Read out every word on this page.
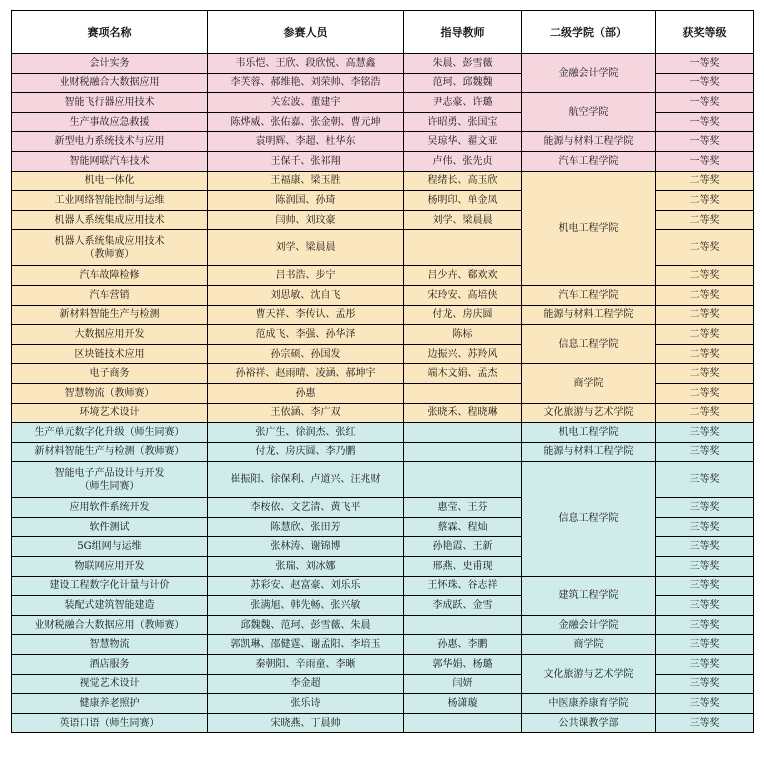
赛项名称	参赛人员	指导教师	二级学院（部）	获奖等级
会计实务	韦乐恺、王欣、段欣悦、高慧鑫	朱晨、彭雪薇	金融会计学院	一等奖
业财税融合大数据应用	李芙蓉、郝维艳、刘荣帅、李铭浩	范珂、邱魏魏		一等奖
智能飞行器应用技术	关宏波、董建宇	尹志豪、许璐	航空学院	一等奖
生产事故应急救援	陈烨威、张佑嘉、张金朝、曹元坤	许昭勇、张国宝		一等奖
新型电力系统技术与应用	袁明辉、李超、杜华东	吴琼华、翟文亚	能源与材料工程学院	一等奖
智能网联汽车技术	王保千、张祁翔	卢伟、张先贞	汽车工程学院	一等奖
机电一体化	王福康、梁玉胜	程绪长、高玉欣	机电工程学院	二等奖
工业网络智能控制与运维	陈润国、孙琦	杨明印、单金凤		二等奖
机器人系统集成应用技术	闫帅、刘玟豪	刘学、梁晨晨		二等奖
机器人系统集成应用技术
（教师赛）	刘学、梁晨晨			二等奖
汽车故障检修	吕书浩、步宁	吕少卉、郗欢欢		二等奖
汽车营销	刘思敏、沈自飞	宋玲安、高培侠	汽车工程学院	二等奖
新材料智能生产与检测	曹天祥、李传认、孟彤	付龙、房庆圆	能源与材料工程学院	二等奖
大数据应用开发	范成飞、李强、孙华泽	陈标	信息工程学院	二等奖
区块链技术应用	孙宗硕、孙国发	边振兴、苏羚风		二等奖
电子商务	孙裕祥、赵雨晴、凌涵、郝坤宇	端木文娟、孟杰	商学院	二等奖
智慧物流（教师赛）	孙惠			二等奖
环境艺术设计	王依涵、李广双	张晓禾、程晓琳	文化旅游与艺术学院	二等奖
生产单元数字化升级（师生同赛）	张广生、徐润杰、张红		机电工程学院	三等奖
新材料智能生产与检测（教师赛）	付龙、房庆圆、李乃鹏		能源与材料工程学院	三等奖
智能电子产品设计与开发
（师生同赛）	崔振阳、徐保利、卢道兴、汪兆财		信息工程学院	三等奖
应用软件系统开发	李桉依、文艺清、黄飞平	惠莹、王芬		三等奖
软件测试	陈慧欣、张田芳	蔡霖、程灿		三等奖
5G组网与运维	张林涛、谢锦博	孙艳霞、王新		三等奖
物联网应用开发	张瑞、刘冰娜	邢燕、史甫现		三等奖
建设工程数字化计量与计价	苏彩安、赵富豪、刘乐乐	王怀珠、谷志祥	建筑工程学院	三等奖
装配式建筑智能建造	张满旭、韩先畅、张兴敏	李成跃、金雪		三等奖
业财税融合大数据应用（教师赛）	邱魏魏、范珂、彭雪薇、朱晨		金融会计学院	三等奖
智慧物流	郭凯琳、邵健霆、谢孟阳、李培玉	孙惠、李鹏	商学院	三等奖
酒店服务	秦朝阳、辛雨童、李晰	郭华娟、杨璐	文化旅游与艺术学院	三等奖
视觉艺术设计	李金超	闫妍		三等奖
健康养老照护	张乐诗	杨潇璇	中医康养康育学院	三等奖
英语口语（师生同赛）	宋晓燕、丁晨帅		公共课教学部	三等奖
